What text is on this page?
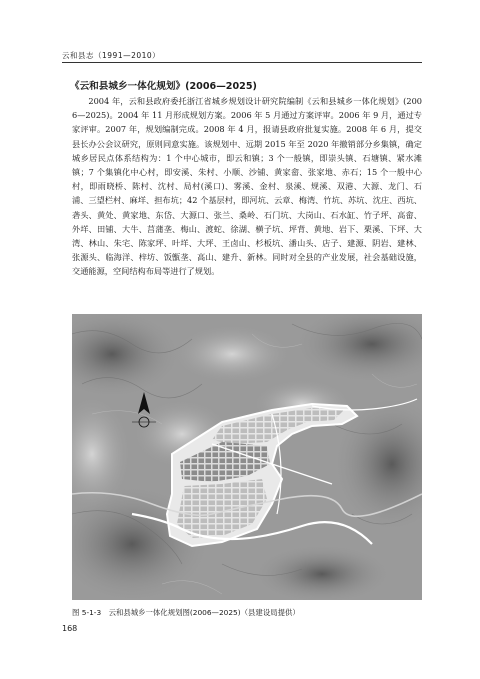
云和县志（1991—2010）
《云和县城乡一体化规划》(2006—2025)

2004 年，云和县政府委托浙江省城乡规划设计研究院编制《云和县城乡一体化规划》(2006—2025)。2004 年 11 月形成规划方案。2006 年 5 月通过方案评审。2006 年 9 月，通过专家评审。2007 年，规划编制完成。2008 年 4 月，报请县政府批复实施。2008 年 6 月，提交县长办公会议研究，原则同意实施。该规划中、远期 2015 年至 2020 年撤销部分乡集镇，确定城乡居民点体系结构为：1 个中心城市，即云和镇；3 个一般镇，即崇头镇、石塘镇、紧水滩镇；7 个集镇化中心村，即安溪、朱村、小顺、沙铺、黄家畲、张家地、赤石；15 个一般中心村，即雨晓桥、陈村、沈村、局村(溪口)、雾溪、金村、泉溪、规溪、双港、大源、龙门、石浦、三望栏村、麻垟、担布坑；42 个基层村，即河坑、云章、梅湾、竹坑、苏坑、沈庄、西坑、砻头、黄处、黄家地、东岱、大源口、张兰、桑岭、石门坑、大岗山、石水缸、竹子坪、高畲、外垟、田铺、大牛、莒蒲垄、梅山、渡蛇、徐湖、横子坑、坪背、黄地、岩下、栗溪、下坪、大湾、林山、朱宅、陈家坪、叶垟、大坪、王卤山、杉板坑、潘山头、店子、建源、阴岩、建林、张源头、临海洋、梓坊、饭甑垄、高山、建升、新林。同时对全县的产业发展，社会基础设施，交通能源，空间结构布局等进行了规划。

图 5-1-3　云和县城乡一体化规划图(2006—2025)（县建设局提供）
168
